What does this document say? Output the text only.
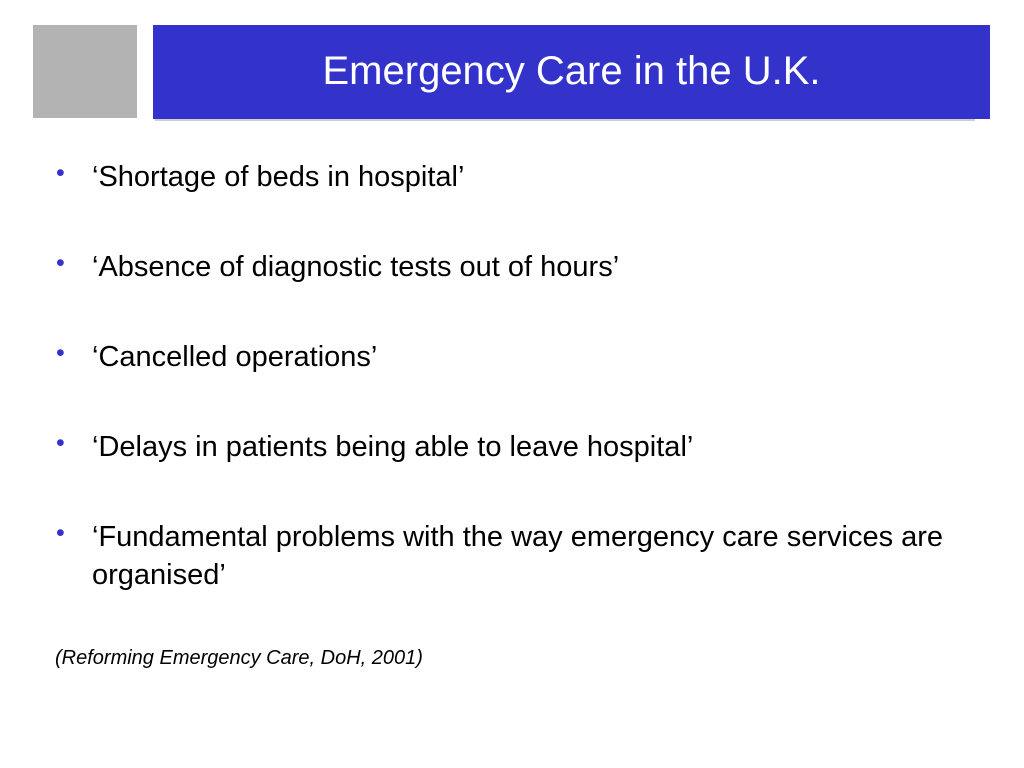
Emergency Care in the U.K.
• ‘Shortage of beds in hospital’
• ‘Absence of diagnostic tests out of hours’
• ‘Cancelled operations’
• ‘Delays in patients being able to leave hospital’
• ‘Fundamental problems with the way emergency care services are organised’
(Reforming Emergency Care, DoH, 2001)
